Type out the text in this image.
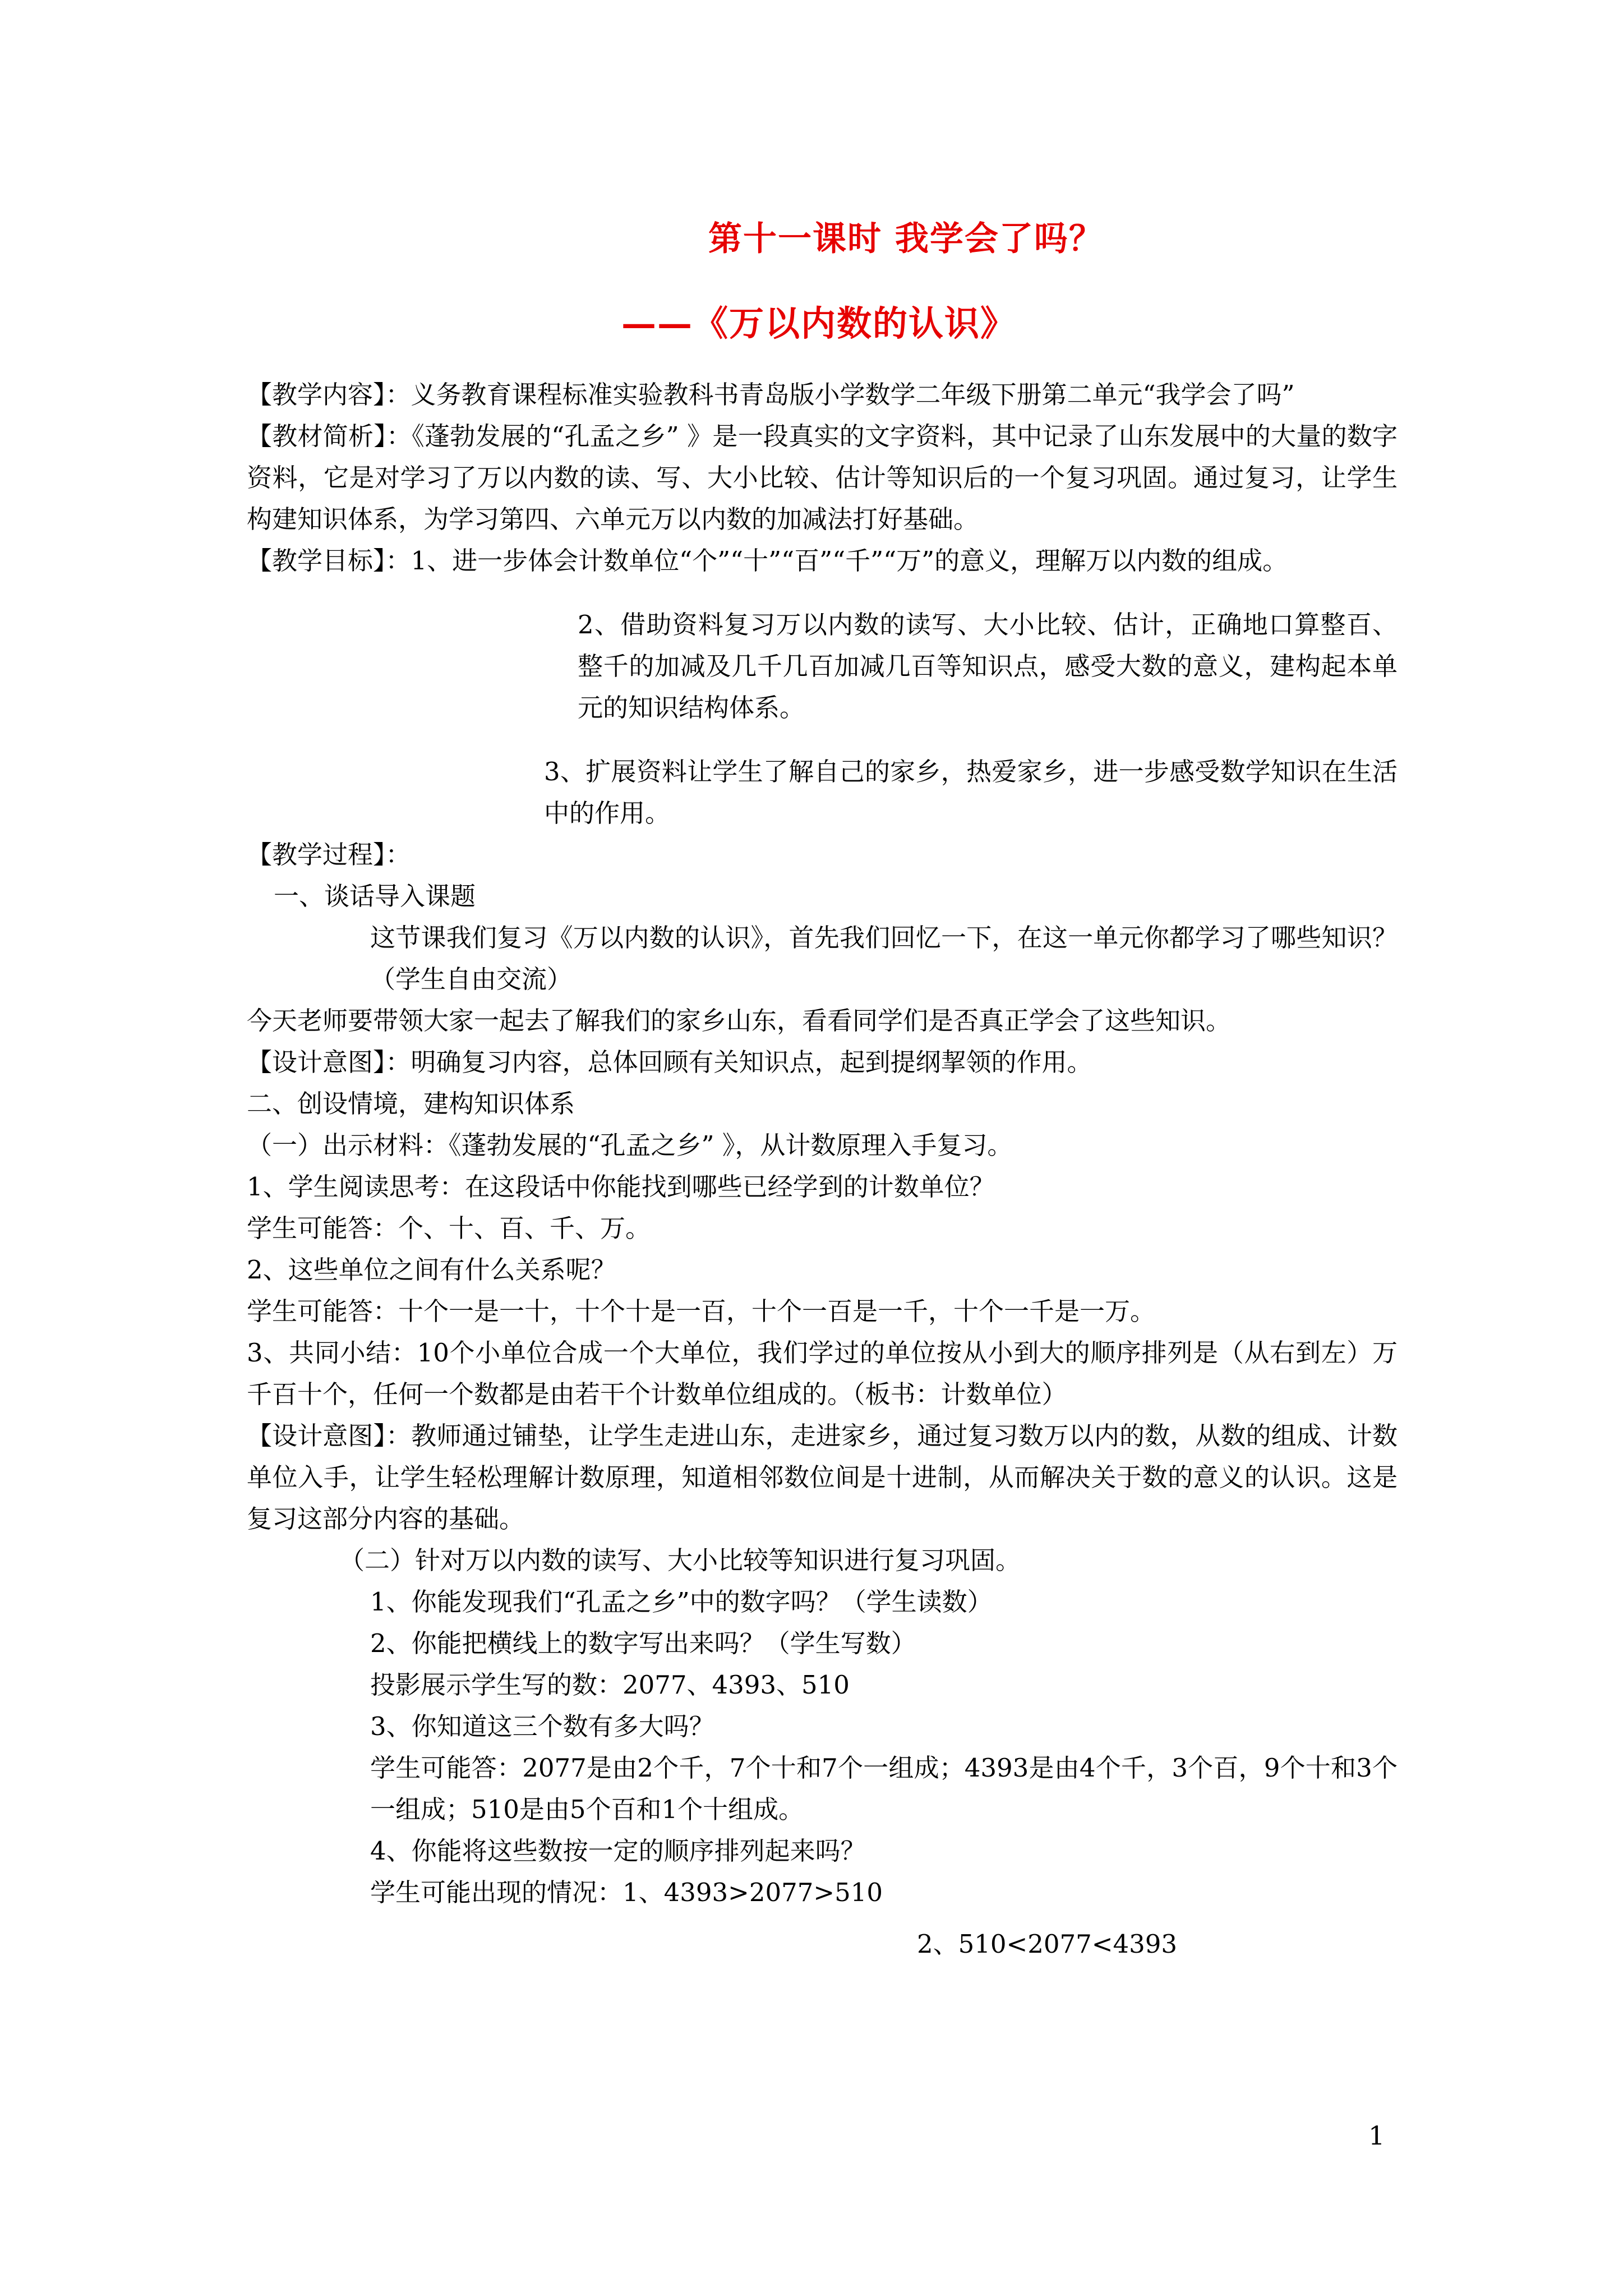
第十一课时 我学会了吗？
——《万以内数的认识》

【教学内容】：义务教育课程标准实验教科书青岛版小学数学二年级下册第二单元“我学会了吗”

【教材简析】：《蓬勃发展的“孔孟之乡” 》是一段真实的文字资料，其中记录了山东发展中的大量的数字资料，它是对学习了万以内数的读、写、大小比较、估计等知识后的一个复习巩固。通过复习，让学生构建知识体系，为学习第四、六单元万以内数的加减法打好基础。

【教学目标】：1、进一步体会计数单位“个”“十”“百”“千”“万”的意义，理解万以内数的组成。

2、借助资料复习万以内数的读写、大小比较、估计，正确地口算整百、整千的加减及几千几百加减几百等知识点，感受大数的意义，建构起本单元的知识结构体系。

3、扩展资料让学生了解自己的家乡，热爱家乡，进一步感受数学知识在生活中的作用。

【教学过程】：

一、谈话导入课题

这节课我们复习《万以内数的认识》，首先我们回忆一下，在这一单元你都学习了哪些知识？（学生自由交流）

今天老师要带领大家一起去了解我们的家乡山东，看看同学们是否真正学会了这些知识。

【设计意图】：明确复习内容，总体回顾有关知识点，起到提纲挈领的作用。

二、创设情境，建构知识体系

（一）出示材料：《蓬勃发展的“孔孟之乡” 》，从计数原理入手复习。

1、学生阅读思考：在这段话中你能找到哪些已经学到的计数单位？

学生可能答：个、十、百、千、万。

2、这些单位之间有什么关系呢？

学生可能答：十个一是一十，十个十是一百，十个一百是一千，十个一千是一万。

3、共同小结：10个小单位合成一个大单位，我们学过的单位按从小到大的顺序排列是（从右到左）万千百十个，任何一个数都是由若干个计数单位组成的。（板书：计数单位）

【设计意图】：教师通过铺垫，让学生走进山东，走进家乡，通过复习数万以内的数，从数的组成、计数单位入手，让学生轻松理解计数原理，知道相邻数位间是十进制，从而解决关于数的意义的认识。这是复习这部分内容的基础。

（二）针对万以内数的读写、大小比较等知识进行复习巩固。

1、你能发现我们“孔孟之乡”中的数字吗？（学生读数）

2、你能把横线上的数字写出来吗？（学生写数）

投影展示学生写的数：2077、4393、510

3、你知道这三个数有多大吗？

学生可能答：2077是由2个千，7个十和7个一组成；4393是由4个千，3个百，9个十和3个一组成；510是由5个百和1个十组成。

4、你能将这些数按一定的顺序排列起来吗？

学生可能出现的情况：1、4393>2077>510

2、510<2077<4393

1
